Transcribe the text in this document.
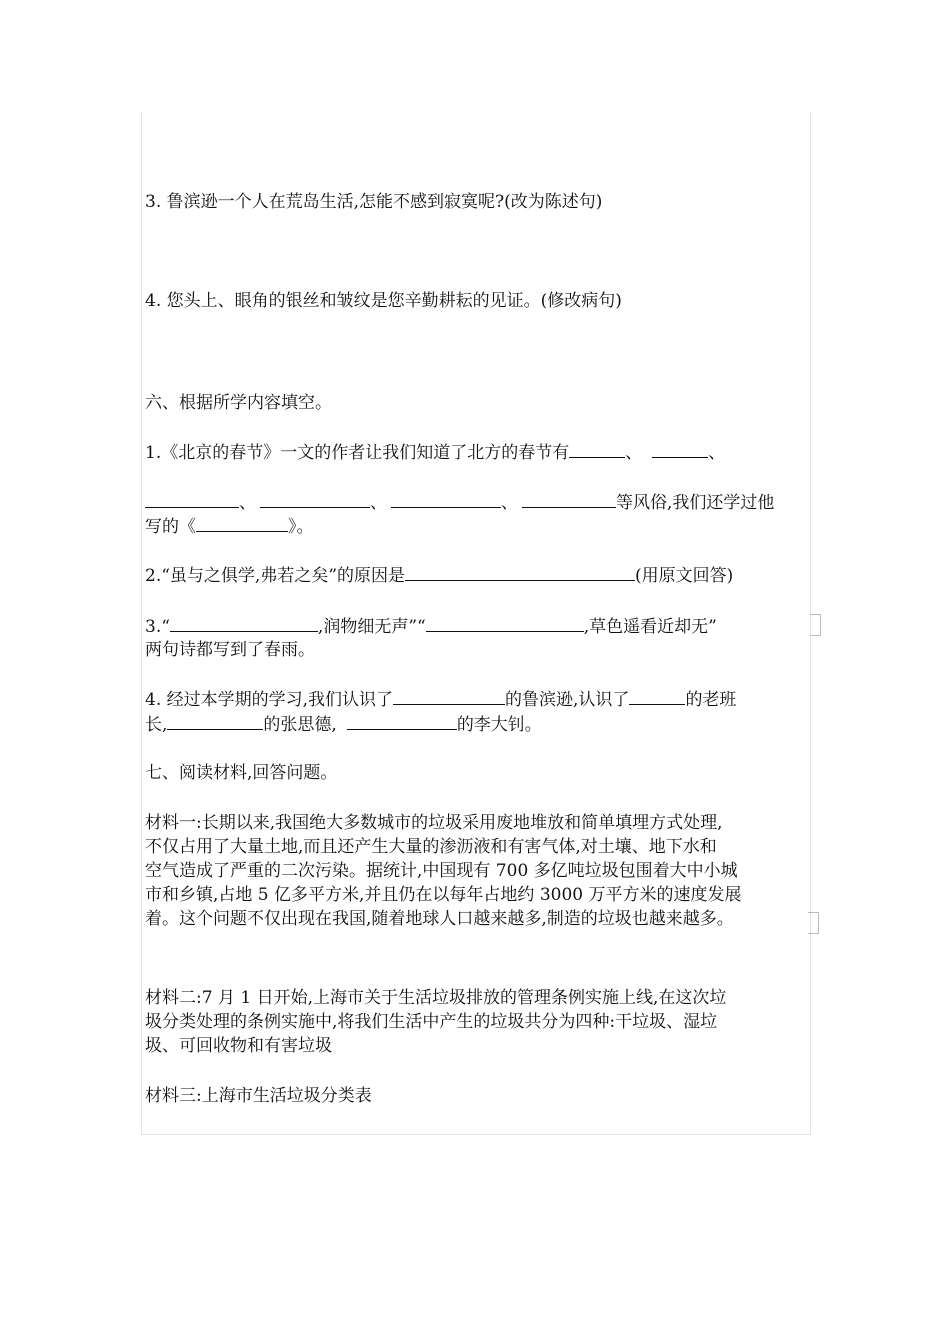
3. 鲁滨逊一个人在荒岛生活,怎能不感到寂寞呢?(改为陈述句)
4. 您头上、眼角的银丝和皱纹是您辛勤耕耘的见证。(修改病句)
六、根据所学内容填空。
1.《北京的春节》一文的作者让我们知道了北方的春节有	、	、
、	、	、	等风俗,我们还学过他
写的《	》。
2.“虽与之俱学,弗若之矣”的原因是	(用原文回答)
3.“	,润物细无声”“	,草色遥看近却无”
两句诗都写到了春雨。
4. 经过本学期的学习,我们认识了	的鲁滨逊,认识了	的老班
长,	的张思德,	的李大钊。
七、阅读材料,回答问题。
材料一:长期以来,我国绝大多数城市的垃圾采用废地堆放和简单填埋方式处理,
不仅占用了大量土地,而且还产生大量的渗沥液和有害气体,对土壤、地下水和
空气造成了严重的二次污染。据统计,中国现有 700 多亿吨垃圾包围着大中小城
市和乡镇,占地 5 亿多平方米,并且仍在以每年占地约 3000 万平方米的速度发展
着。这个问题不仅出现在我国,随着地球人口越来越多,制造的垃圾也越来越多。
材料二:7 月 1 日开始,上海市关于生活垃圾排放的管理条例实施上线,在这次垃
圾分类处理的条例实施中,将我们生活中产生的垃圾共分为四种:干垃圾、湿垃
圾、可回收物和有害垃圾
材料三:上海市生活垃圾分类表
